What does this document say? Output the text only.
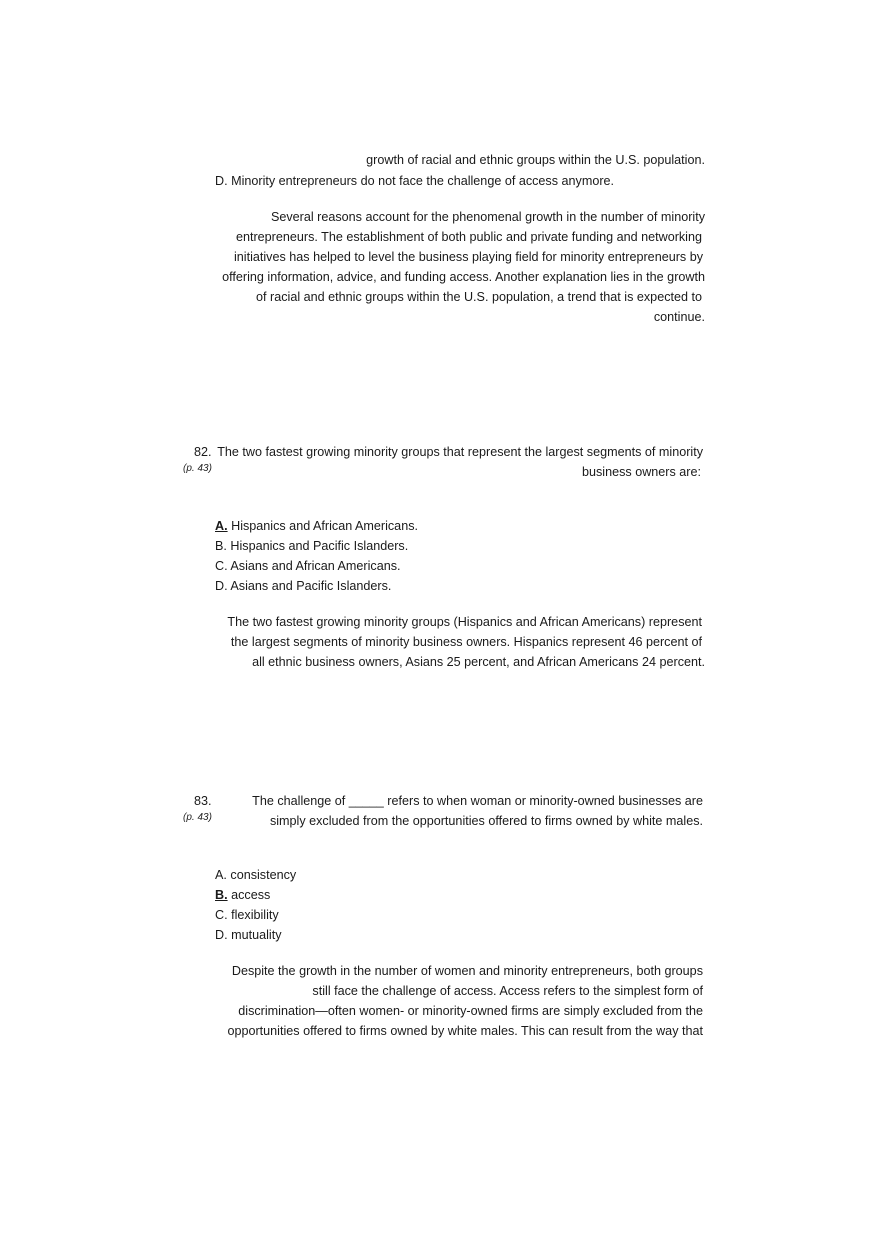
growth of racial and ethnic groups within the U.S. population.
D. Minority entrepreneurs do not face the challenge of access anymore.
Several reasons account for the phenomenal growth in the number of minority
entrepreneurs. The establishment of both public and private funding and networking
initiatives has helped to level the business playing field for minority entrepreneurs by
offering information, advice, and funding access. Another explanation lies in the growth
of racial and ethnic groups within the U.S. population, a trend that is expected to
continue.
82.
(p. 43)
The two fastest growing minority groups that represent the largest segments of minority
business owners are:
A. Hispanics and African Americans.
B. Hispanics and Pacific Islanders.
C. Asians and African Americans.
D. Asians and Pacific Islanders.
The two fastest growing minority groups (Hispanics and African Americans) represent
the largest segments of minority business owners. Hispanics represent 46 percent of
all ethnic business owners, Asians 25 percent, and African Americans 24 percent.
83.
(p. 43)
The challenge of _____ refers to when woman or minority-owned businesses are
simply excluded from the opportunities offered to firms owned by white males.
A. consistency
B. access
C. flexibility
D. mutuality
Despite the growth in the number of women and minority entrepreneurs, both groups
still face the challenge of access. Access refers to the simplest form of
discrimination—often women- or minority-owned firms are simply excluded from the
opportunities offered to firms owned by white males. This can result from the way that
